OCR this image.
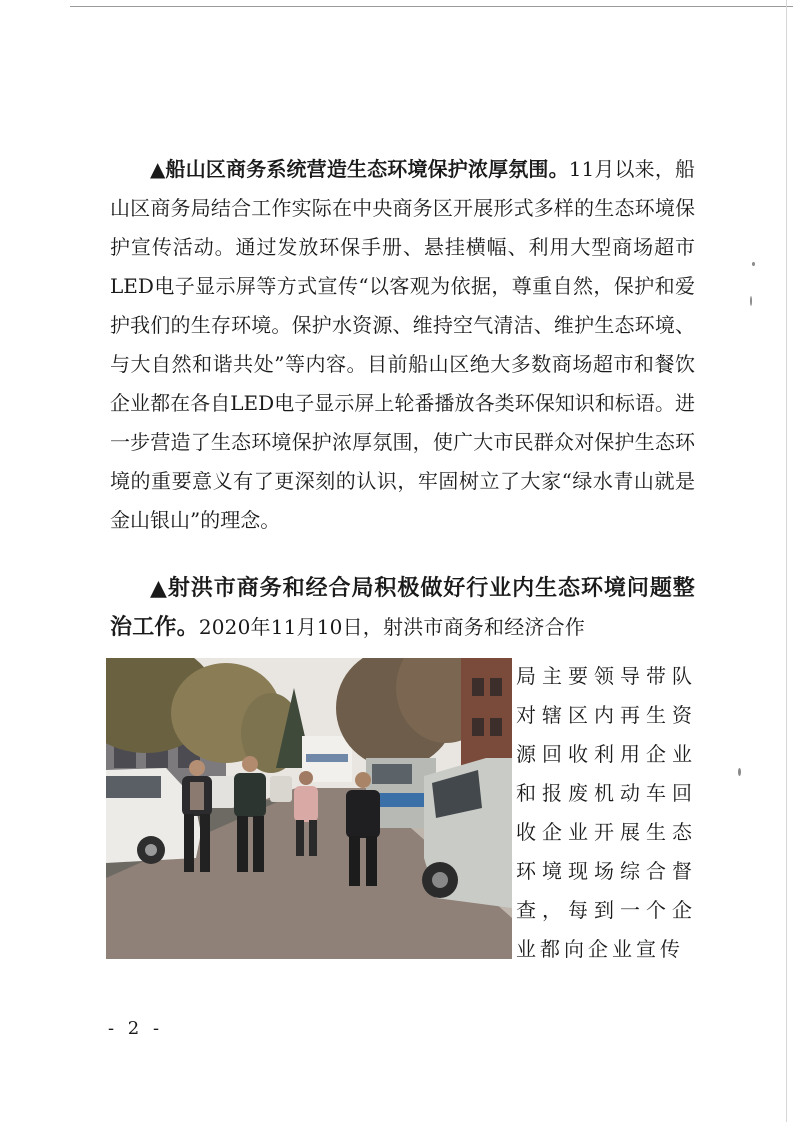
▲船山区商务系统营造生态环境保护浓厚氛围。11月以来，船山区商务局结合工作实际在中央商务区开展形式多样的生态环境保护宣传活动。通过发放环保手册、悬挂横幅、利用大型商场超市LED电子显示屏等方式宣传“以客观为依据，尊重自然，保护和爱护我们的生存环境。保护水资源、维持空气清洁、维护生态环境、与大自然和谐共处”等内容。目前船山区绝大多数商场超市和餐饮企业都在各自LED电子显示屏上轮番播放各类环保知识和标语。进一步营造了生态环境保护浓厚氛围，使广大市民群众对保护生态环境的重要意义有了更深刻的认识，牢固树立了大家“绿水青山就是金山银山”的理念。

▲射洪市商务和经合局积极做好行业内生态环境问题整治工作。2020年11月10日，射洪市商务和经济合作

局主要领导带队对辖区内再生资源回收利用企业和报废机动车回收企业开展生态环境现场综合督查，每到一个企业都向企业宣传
- 2 -
